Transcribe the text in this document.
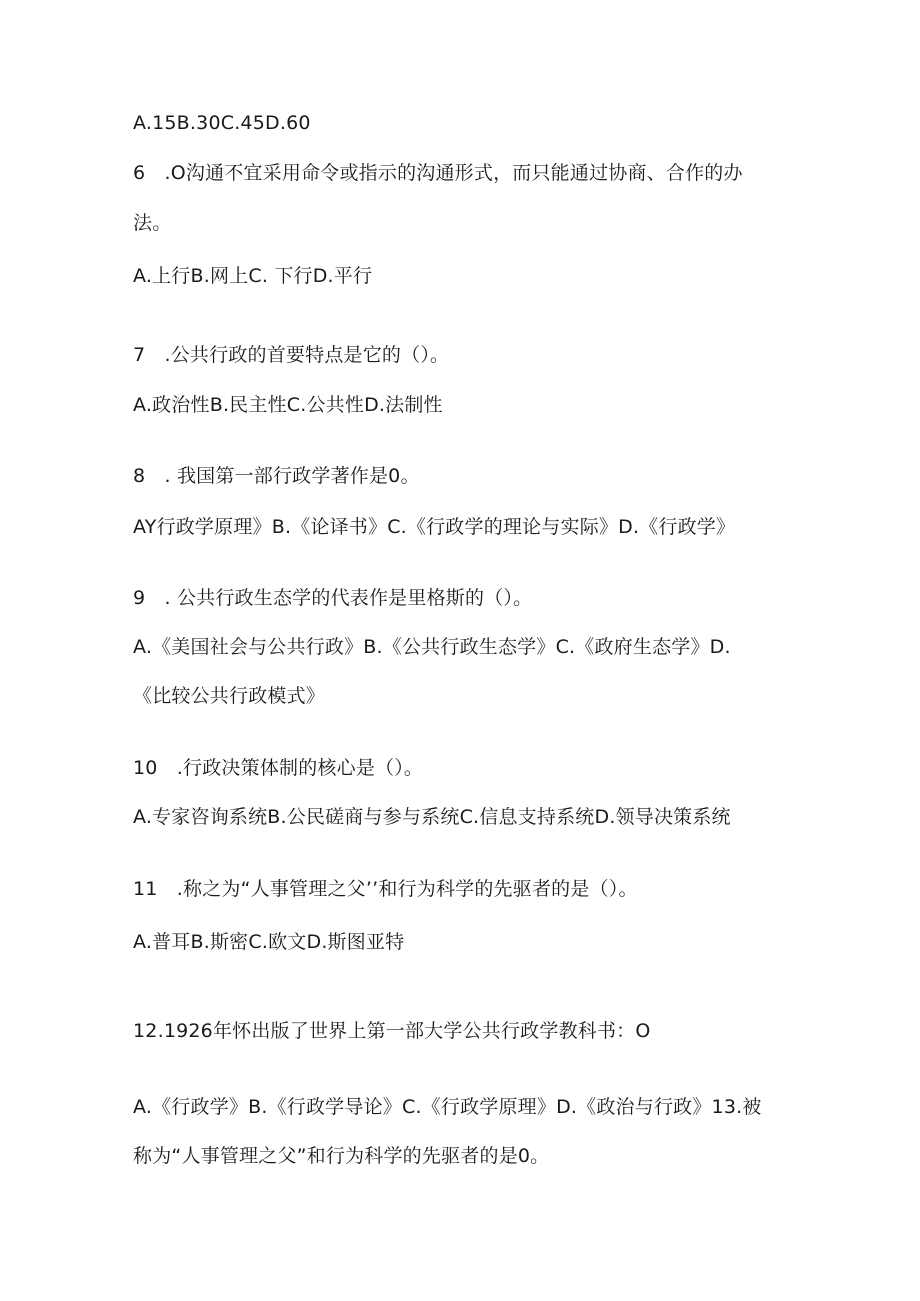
A.15B.30C.45D.60
6 .O沟通不宜采用命令或指示的沟通形式，而只能通过协商、合作的办
法。
A.上行B.网上C. 下行D.平行
7 .公共行政的首要特点是它的（）。
A.政治性B.民主性C.公共性D.法制性
8 . 我国第一部行政学著作是0。
AY行政学原理》B.《论译书》C.《行政学的理论与实际》D.《行政学》
9 . 公共行政生态学的代表作是里格斯的（）。
A.《美国社会与公共行政》B.《公共行政生态学》C.《政府生态学》D.
《比较公共行政模式》
10 .行政决策体制的核心是（）。
A.专家咨询系统B.公民磋商与参与系统C.信息支持系统D.领导决策系统
11 .称之为“人事管理之父’’和行为科学的先驱者的是（）。
A.普耳B.斯密C.欧文D.斯图亚特
12.1926年怀出版了世界上第一部大学公共行政学教科书：O
A.《行政学》B.《行政学导论》C.《行政学原理》D.《政治与行政》13.被
称为“人事管理之父”和行为科学的先驱者的是0。
